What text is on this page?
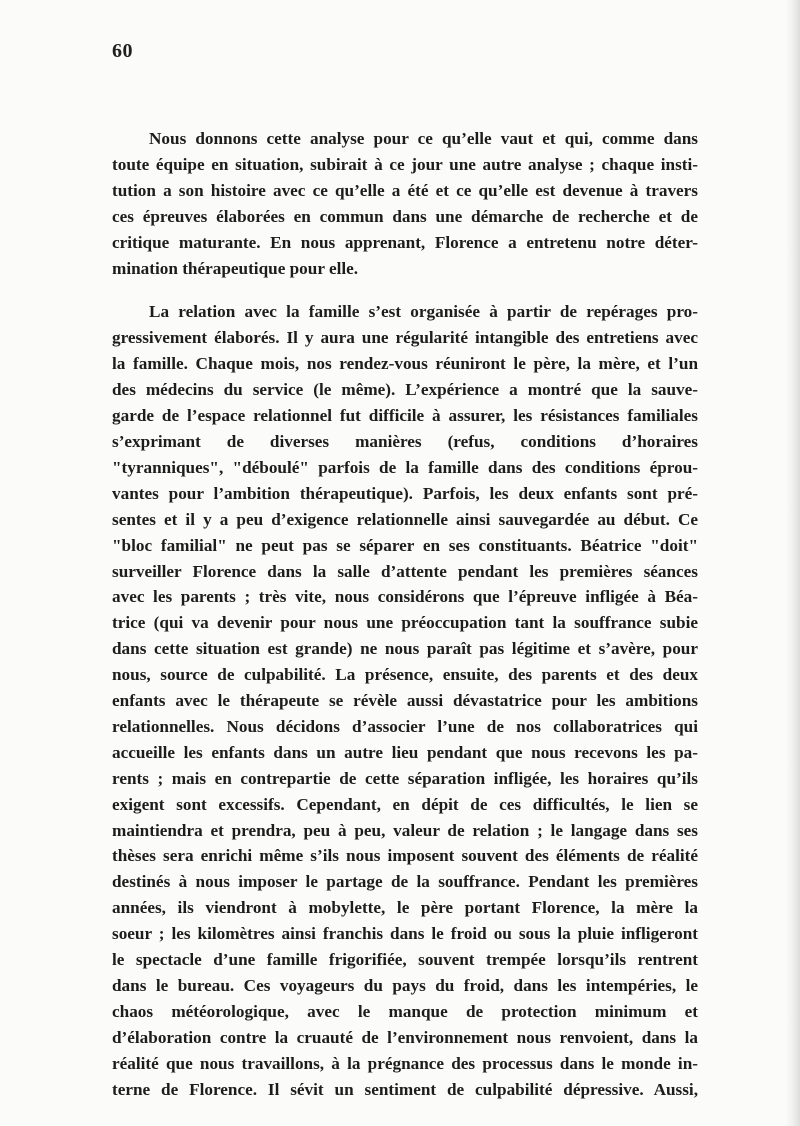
60

Nous donnons cette analyse pour ce qu’elle vaut et qui, comme dans
toute équipe en situation, subirait à ce jour une autre analyse ; chaque insti-
tution a son histoire avec ce qu’elle a été et ce qu’elle est devenue à travers
ces épreuves élaborées en commun dans une démarche de recherche et de
critique maturante. En nous apprenant, Florence a entretenu notre déter-
mination thérapeutique pour elle.

La relation avec la famille s’est organisée à partir de repérages pro-
gressivement élaborés. Il y aura une régularité intangible des entretiens avec
la famille. Chaque mois, nos rendez-vous réuniront le père, la mère, et l’un
des médecins du service (le même). L’expérience a montré que la sauve-
garde de l’espace relationnel fut difficile à assurer, les résistances familiales
s’exprimant de diverses manières (refus, conditions d’horaires
"tyranniques", "déboulé" parfois de la famille dans des conditions éprou-
vantes pour l’ambition thérapeutique). Parfois, les deux enfants sont pré-
sentes et il y a peu d’exigence relationnelle ainsi sauvegardée au début. Ce
"bloc familial" ne peut pas se séparer en ses constituants. Béatrice "doit"
surveiller Florence dans la salle d’attente pendant les premières séances
avec les parents ; très vite, nous considérons que l’épreuve infligée à Béa-
trice (qui va devenir pour nous une préoccupation tant la souffrance subie
dans cette situation est grande) ne nous paraît pas légitime et s’avère, pour
nous, source de culpabilité. La présence, ensuite, des parents et des deux
enfants avec le thérapeute se révèle aussi dévastatrice pour les ambitions
relationnelles. Nous décidons d’associer l’une de nos collaboratrices qui
accueille les enfants dans un autre lieu pendant que nous recevons les pa-
rents ; mais en contrepartie de cette séparation infligée, les horaires qu’ils
exigent sont excessifs. Cependant, en dépit de ces difficultés, le lien se
maintiendra et prendra, peu à peu, valeur de relation ; le langage dans ses
thèses sera enrichi même s’ils nous imposent souvent des éléments de réalité
destinés à nous imposer le partage de la souffrance. Pendant les premières
années, ils viendront à mobylette, le père portant Florence, la mère la
soeur ; les kilomètres ainsi franchis dans le froid ou sous la pluie infligeront
le spectacle d’une famille frigorifiée, souvent trempée lorsqu’ils rentrent
dans le bureau. Ces voyageurs du pays du froid, dans les intempéries, le
chaos météorologique, avec le manque de protection minimum et
d’élaboration contre la cruauté de l’environnement nous renvoient, dans la
réalité que nous travaillons, à la prégnance des processus dans le monde in-
terne de Florence. Il sévit un sentiment de culpabilité dépressive. Aussi,
